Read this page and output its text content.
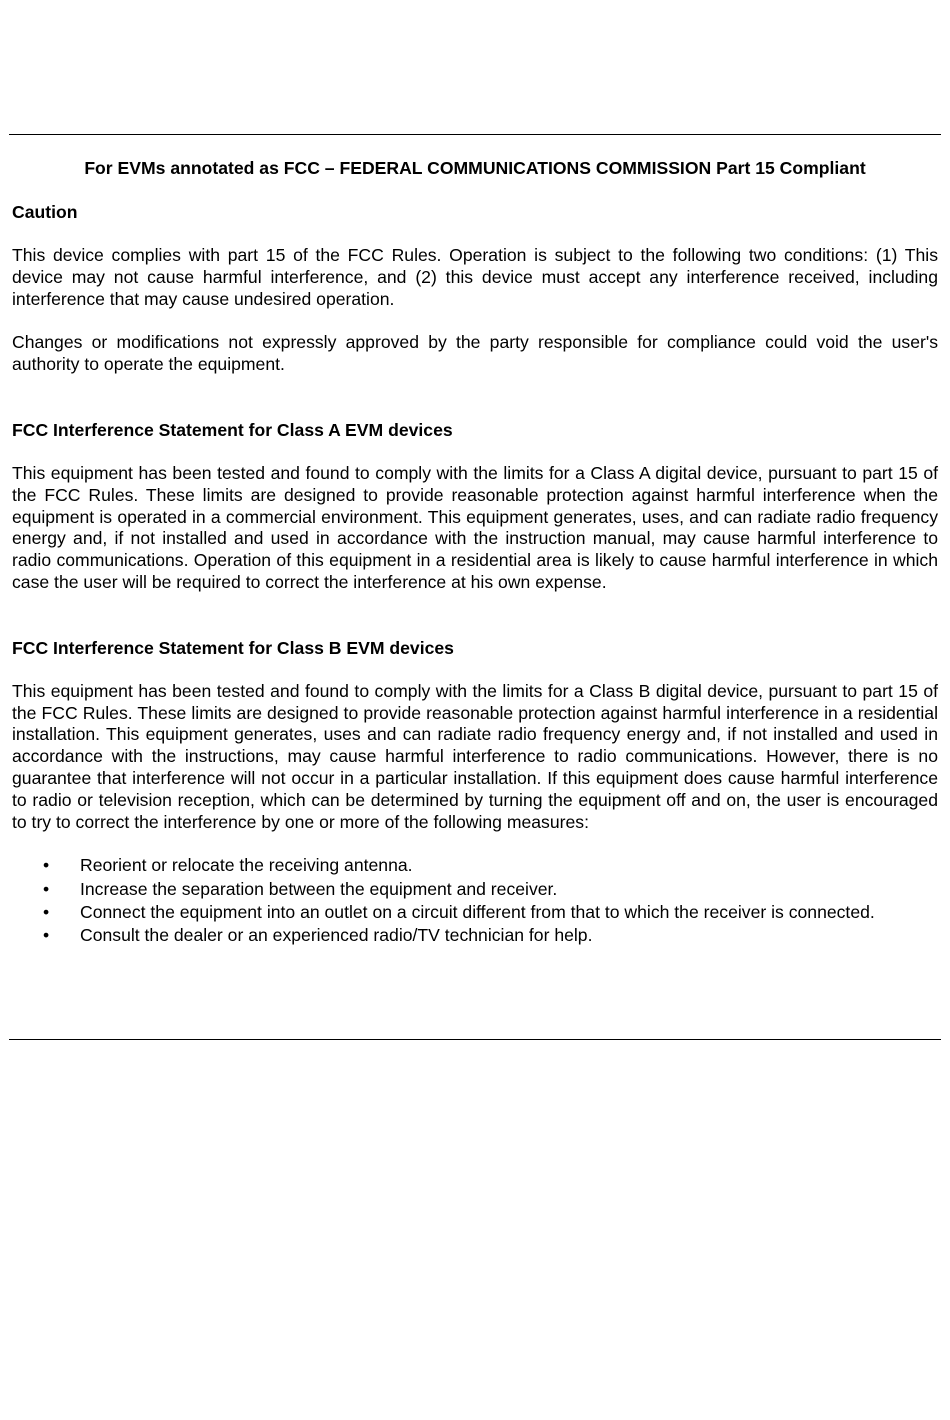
For EVMs annotated as FCC – FEDERAL COMMUNICATIONS COMMISSION Part 15 Compliant
Caution
This device complies with part 15 of the FCC Rules. Operation is subject to the following two conditions: (1) This device may not cause harmful interference, and (2) this device must accept any interference received, including interference that may cause undesired operation.
Changes or modifications not expressly approved by the party responsible for compliance could void the user's authority to operate the equipment.
FCC Interference Statement for Class A EVM devices
This equipment has been tested and found to comply with the limits for a Class A digital device, pursuant to part 15 of the FCC Rules. These limits are designed to provide reasonable protection against harmful interference when the equipment is operated in a commercial environment. This equipment generates, uses, and can radiate radio frequency energy and, if not installed and used in accordance with the instruction manual, may cause harmful interference to radio communications. Operation of this equipment in a residential area is likely to cause harmful interference in which case the user will be required to correct the interference at his own expense.
FCC Interference Statement for Class B EVM devices
This equipment has been tested and found to comply with the limits for a Class B digital device, pursuant to part 15 of the FCC Rules. These limits are designed to provide reasonable protection against harmful interference in a residential installation. This equipment generates, uses and can radiate radio frequency energy and, if not installed and used in accordance with the instructions, may cause harmful interference to radio communications. However, there is no guarantee that interference will not occur in a particular installation. If this equipment does cause harmful interference to radio or television reception, which can be determined by turning the equipment off and on, the user is encouraged to try to correct the interference by one or more of the following measures:
• Reorient or relocate the receiving antenna.
• Increase the separation between the equipment and receiver.
• Connect the equipment into an outlet on a circuit different from that to which the receiver is connected.
• Consult the dealer or an experienced radio/TV technician for help.
